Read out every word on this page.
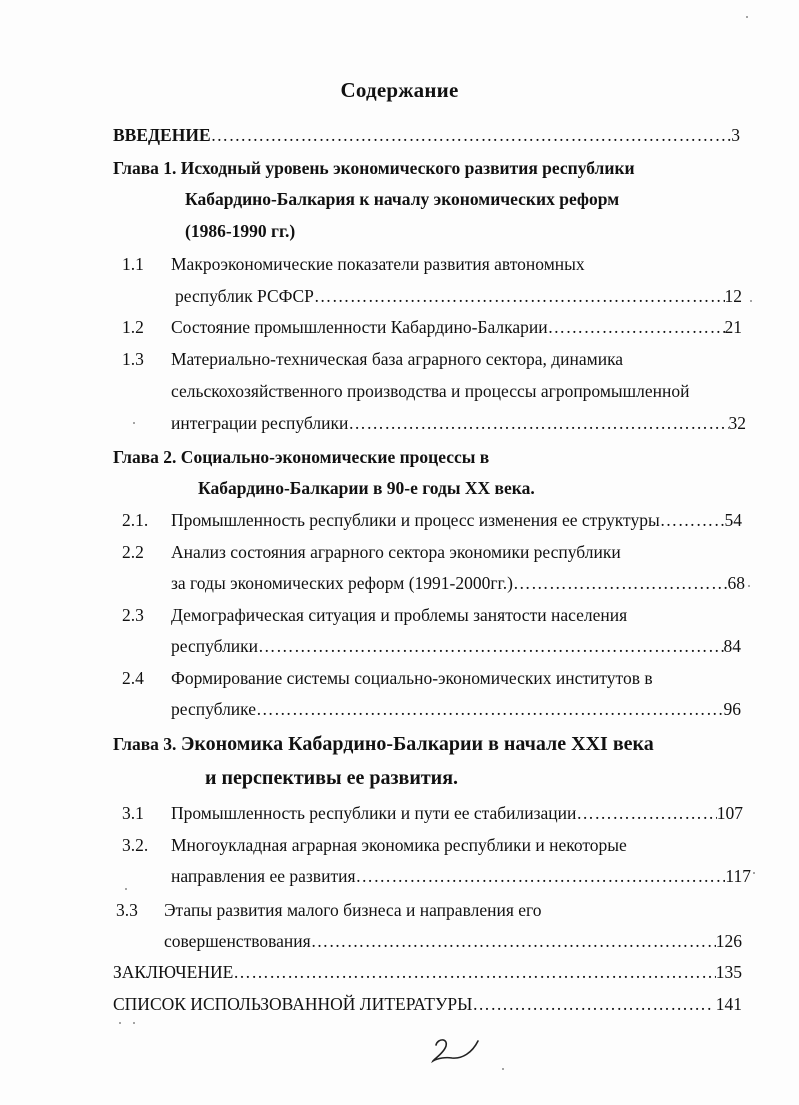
Содержание
ВВЕДЕНИЕ ……………………………………………………………………………………………………………………………………	3
Глава 1. Исходный уровень экономического развития республики
Кабардино-Балкария к началу экономических реформ
(1986-1990 гг.)
1.1 Макроэкономические показатели развития автономных
республик РСФСР ……………………………………………………………………………………………………………………………………	12
1.2 Состояние промышленности Кабардино-Балкарии ……………………………………………………………………………………………………………………………………	21
1.3 Материально-техническая база аграрного сектора, динамика
сельскохозяйственного производства и процессы агропромышленной
интеграции республики ……………………………………………………………………………………………………………………………………	32
Глава 2. Социально-экономические процессы в
Кабардино-Балкарии в 90-е годы XX века.
2.1. Промышленность республики и процесс изменения ее структуры ……………………………………………………………………………………………………………………………………	54
2.2 Анализ состояния аграрного сектора экономики республики
за годы экономических реформ (1991-2000гг.) ……………………………………………………………………………………………………………………………………	68
2.3 Демографическая ситуация и проблемы занятости населения
республики ……………………………………………………………………………………………………………………………………	84
2.4 Формирование системы социально-экономических институтов в
республике ……………………………………………………………………………………………………………………………………	96
Глава 3. Экономика Кабардино-Балкарии в начале XXI века
и перспективы ее развития.
3.1 Промышленность республики и пути ее стабилизации ……………………………………………………………………………………………………………………………………	107
3.2. Многоукладная аграрная экономика республики и некоторые
направления ее развития ……………………………………………………………………………………………………………………………………	117
3.3 Этапы развития малого бизнеса и направления его
совершенствования ……………………………………………………………………………………………………………………………………	126
ЗАКЛЮЧЕНИЕ ……………………………………………………………………………………………………………………………………	135
СПИСОК ИСПОЛЬЗОВАННОЙ ЛИТЕРАТУРЫ ……………………………………………………………………………………………………………………………………	141
